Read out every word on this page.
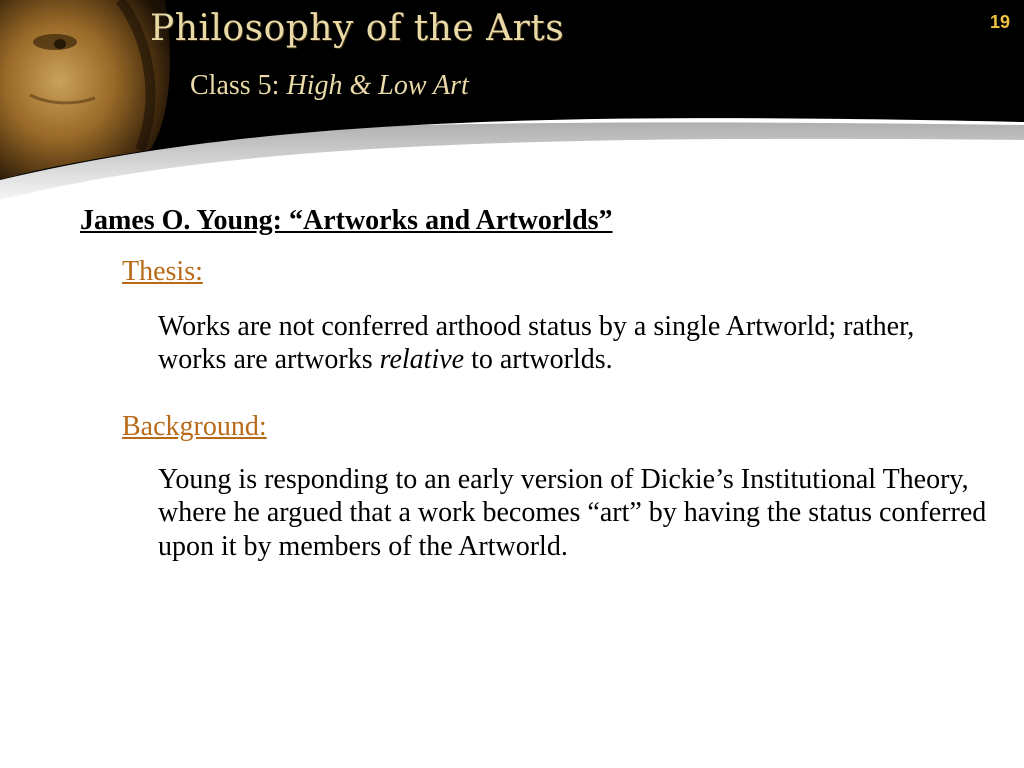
Philosophy of the Arts
Class 5: High & Low Art
19
James O. Young: “Artworks and Artworlds”
Thesis:
Works are not conferred arthood status by a single Artworld; rather, works are artworks relative to artworlds.
Background:
Young is responding to an early version of Dickie’s Institutional Theory, where he argued that a work becomes “art” by having the status conferred upon it by members of the Artworld.
